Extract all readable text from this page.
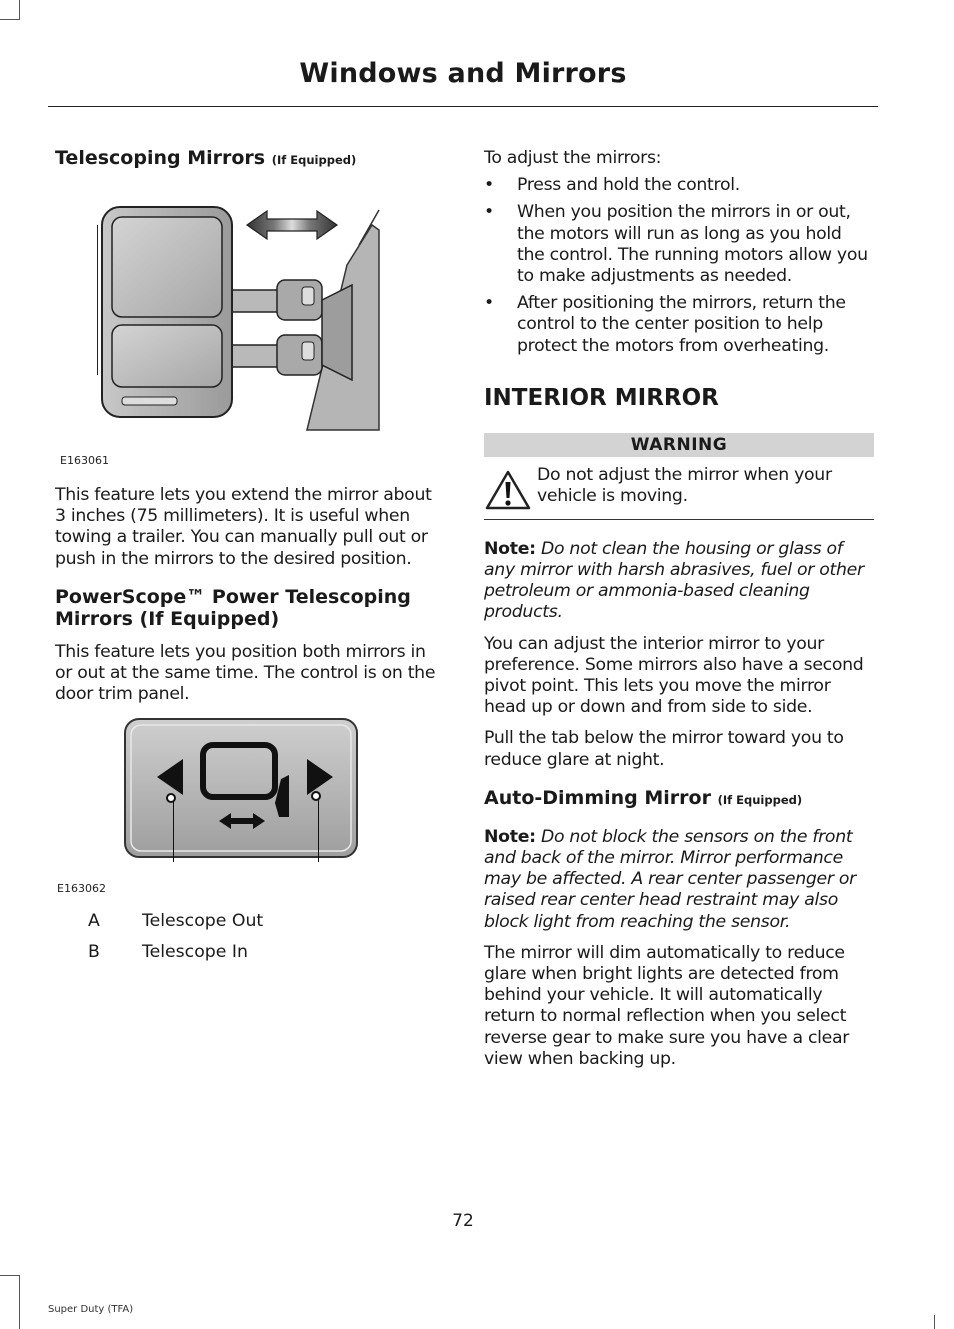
Windows and Mirrors
Telescoping Mirrors (If Equipped)
E163061

This feature lets you extend the mirror about 3 inches (75 millimeters). It is useful when towing a trailer. You can manually pull out or push in the mirrors to the desired position.

PowerScope™ Power Telescoping Mirrors (If Equipped)

This feature lets you position both mirrors in or out at the same time. The control is on the door trim panel.

E163062
A Telescope Out
B Telescope In

To adjust the mirrors:

• Press and hold the control.
• When you position the mirrors in or out, the motors will run as long as you hold the control. The running motors allow you to make adjustments as needed.
• After positioning the mirrors, return the control to the center position to help protect the motors from overheating.
INTERIOR MIRROR
WARNING

Do not adjust the mirror when your vehicle is moving.

Note: Do not clean the housing or glass of any mirror with harsh abrasives, fuel or other petroleum or ammonia-based cleaning products.

You can adjust the interior mirror to your preference. Some mirrors also have a second pivot point. This lets you move the mirror head up or down and from side to side.

Pull the tab below the mirror toward you to reduce glare at night.

Auto-Dimming Mirror (If Equipped)

Note: Do not block the sensors on the front and back of the mirror. Mirror performance may be affected. A rear center passenger or raised rear center head restraint may also block light from reaching the sensor.

The mirror will dim automatically to reduce glare when bright lights are detected from behind your vehicle. It will automatically return to normal reflection when you select reverse gear to make sure you have a clear view when backing up.

72
Super Duty (TFA)
